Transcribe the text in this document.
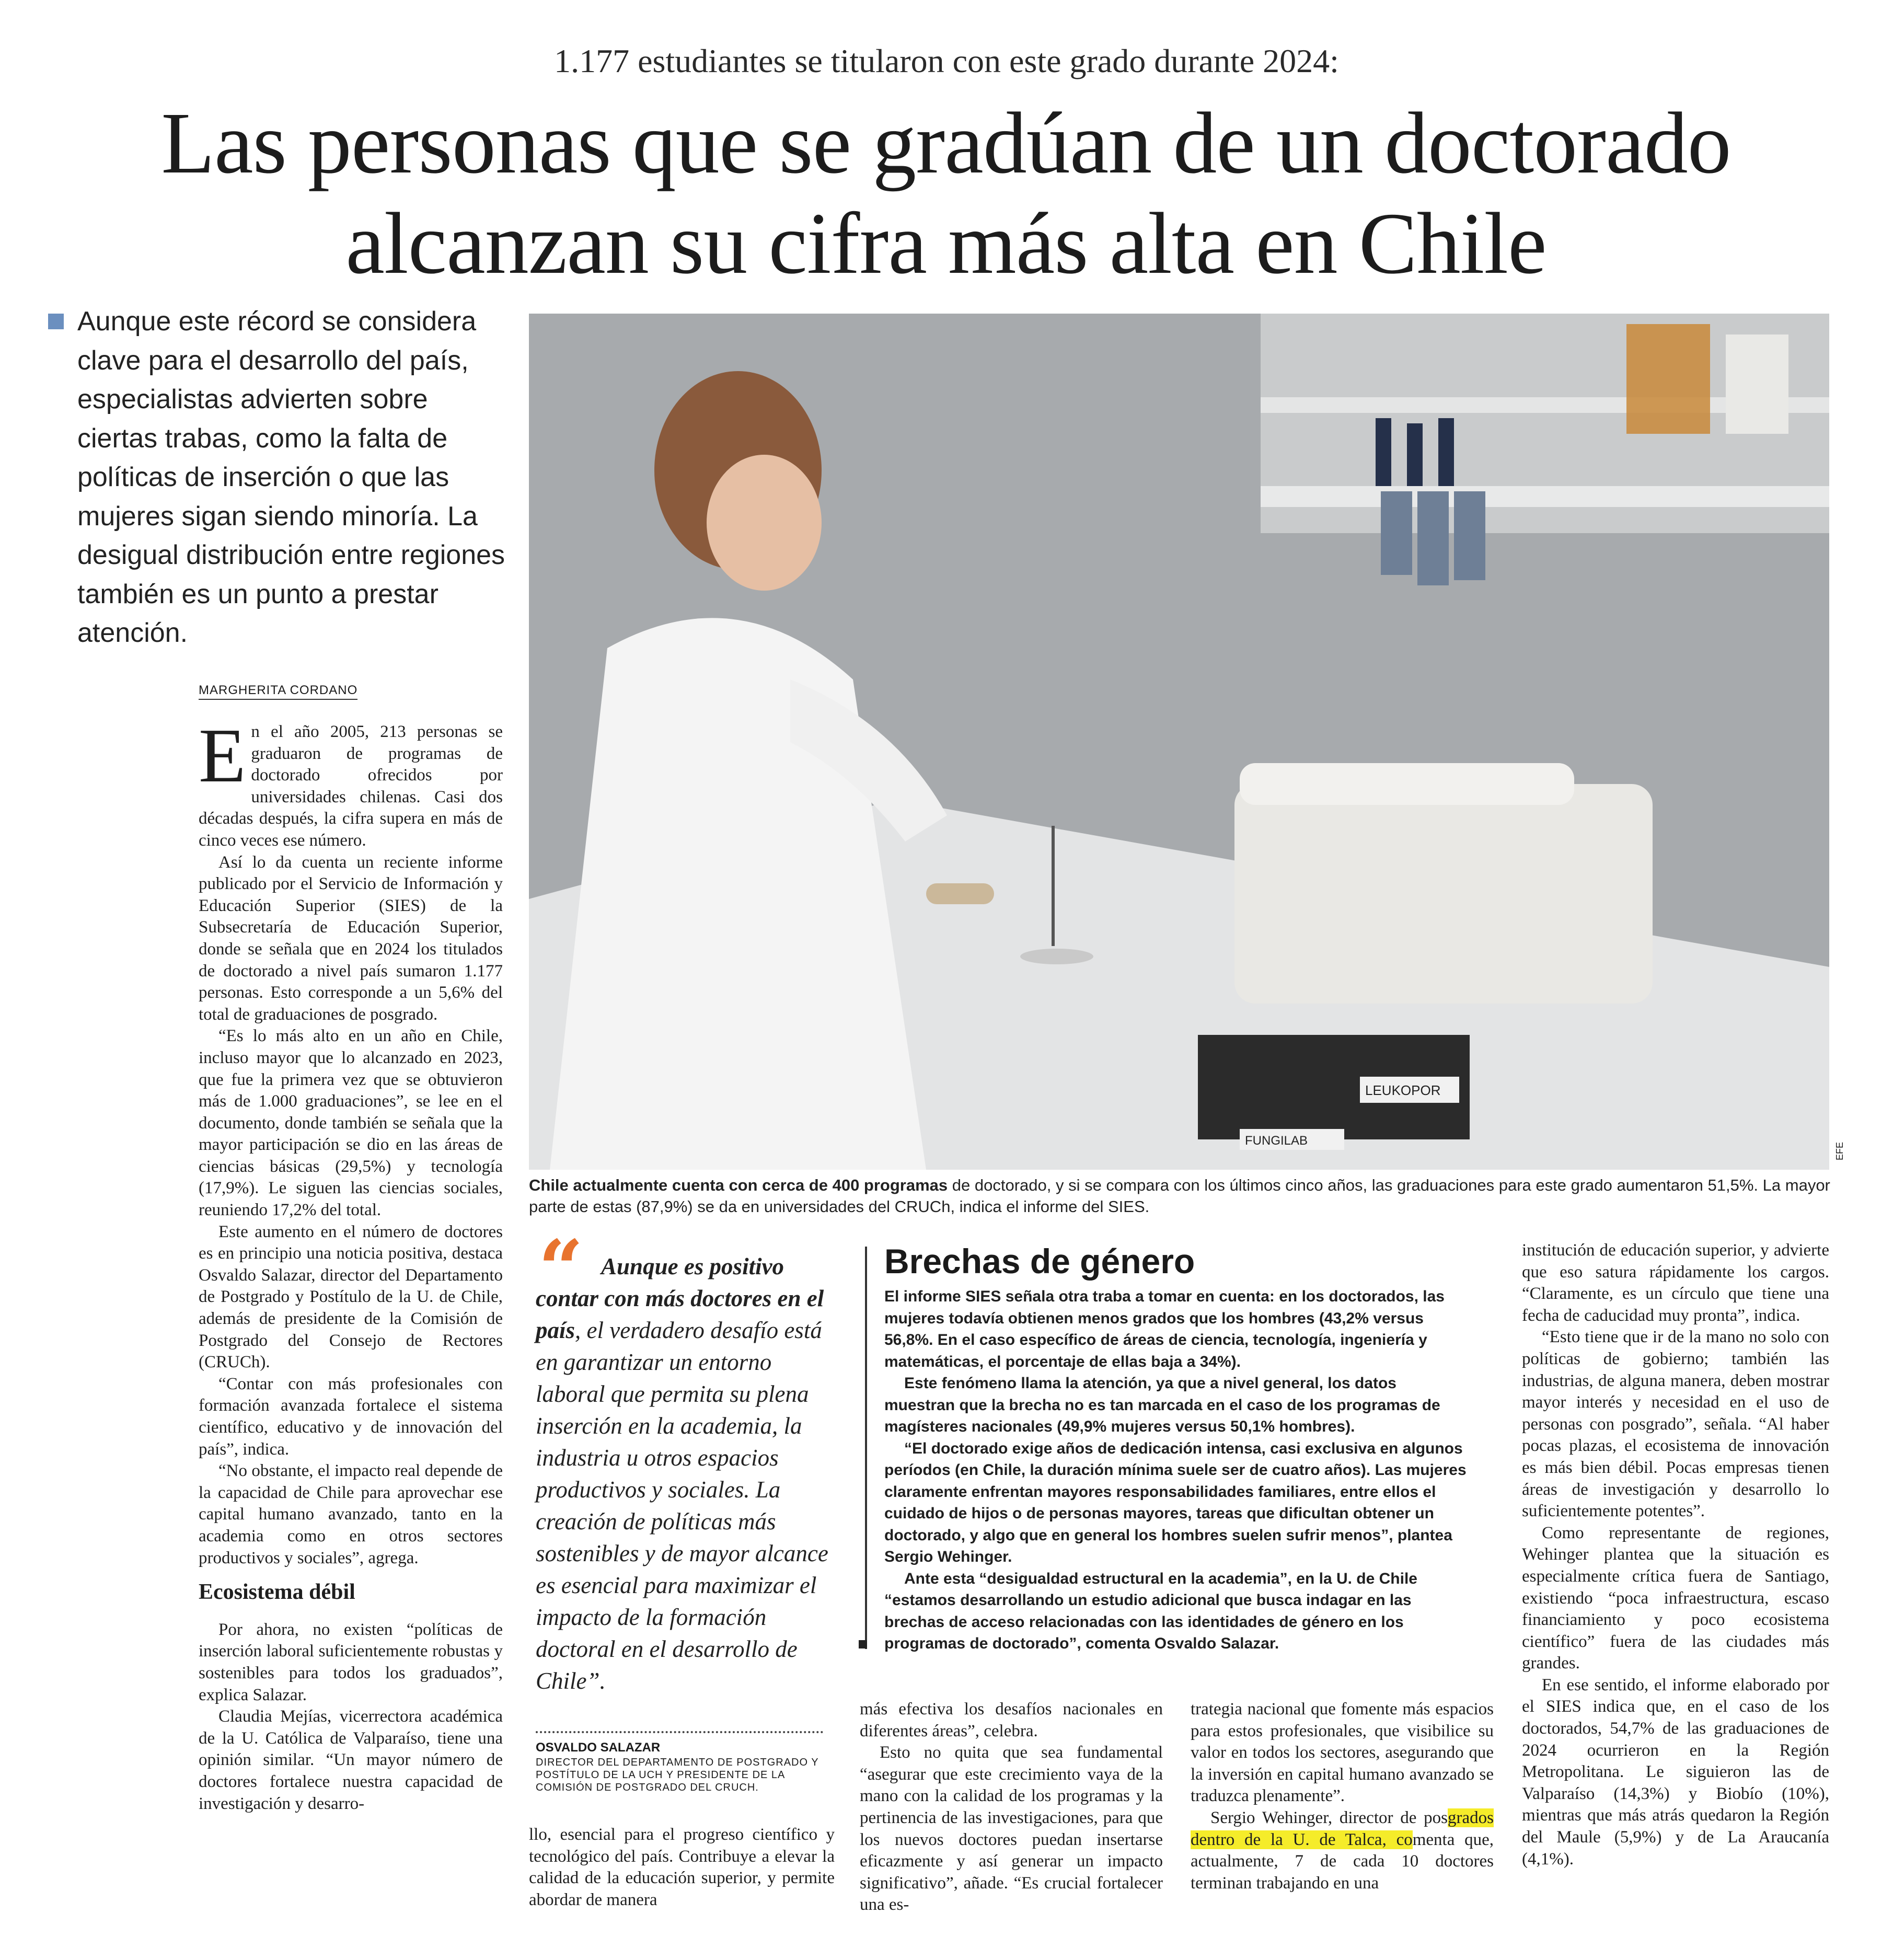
1.177 estudiantes se titularon con este grado durante 2024:
Las personas que se gradúan de un doctorado
alcanzan su cifra más alta en Chile
Aunque este récord se considera clave para el desarrollo del país, especialistas advierten sobre ciertas trabas, como la falta de políticas de inserción o que las mujeres sigan siendo minoría. La desigual distribución entre regiones también es un punto a prestar atención.
MARGHERITA CORDANO

En el año 2005, 213 personas se graduaron de programas de doctorado ofrecidos por universidades chilenas. Casi dos décadas después, la cifra supera en más de cinco veces ese número.

Así lo da cuenta un reciente informe publicado por el Servicio de Información y Educación Superior (SIES) de la Subsecretaría de Educación Superior, donde se señala que en 2024 los titulados de doctorado a nivel país sumaron 1.177 personas. Esto corresponde a un 5,6% del total de graduaciones de posgrado.

“Es lo más alto en un año en Chile, incluso mayor que lo alcanzado en 2023, que fue la primera vez que se obtuvieron más de 1.000 graduaciones”, se lee en el documento, donde también se señala que la mayor participación se dio en las áreas de ciencias básicas (29,5%) y tecnología (17,9%). Le siguen las ciencias sociales, reuniendo 17,2% del total.

Este aumento en el número de doctores es en principio una noticia positiva, destaca Osvaldo Salazar, director del Departamento de Postgrado y Postítulo de la U. de Chile, además de presidente de la Comisión de Postgrado del Consejo de Rectores (CRUCh).

“Contar con más profesionales con formación avanzada fortalece el sistema científico, educativo y de innovación del país”, indica.

“No obstante, el impacto real depende de la capacidad de Chile para aprovechar ese capital humano avanzado, tanto en la academia como en otros sectores productivos y sociales”, agrega.

Ecosistema débil

Por ahora, no existen “políticas de inserción laboral suficientemente robustas y sostenibles para todos los graduados”, explica Salazar.

Claudia Mejías, vicerrectora académica de la U. Católica de Valparaíso, tiene una opinión similar. “Un mayor número de doctores fortalece nuestra capacidad de investigación y desarro-

LEUKOPOR
FUNGILAB
EFE
Chile actualmente cuenta con cerca de 400 programas de doctorado, y si se compara con los últimos cinco años, las graduaciones para este grado aumentaron 51,5%. La mayor parte de estas (87,9%) se da en universidades del CRUCh, indica el informe del SIES.
“ Aunque es positivo contar con más doctores en el país, el verdadero desafío está en garantizar un entorno laboral que permita su plena inserción en la academia, la industria u otros espacios productivos y sociales. La creación de políticas más sostenibles y de mayor alcance es esencial para maximizar el impacto de la formación doctoral en el desarrollo de Chile”.
OSVALDO SALAZAR
DIRECTOR DEL DEPARTAMENTO DE POSTGRADO Y POSTÍTULO DE LA UCH Y PRESIDENTE DE LA COMISIÓN DE POSTGRADO DEL CRUCH.

llo, esencial para el progreso científico y tecnológico del país. Contribuye a elevar la calidad de la educación superior, y permite abordar de manera

Brechas de género

El informe SIES señala otra traba a tomar en cuenta: en los doctorados, las mujeres todavía obtienen menos grados que los hombres (43,2% versus 56,8%. En el caso específico de áreas de ciencia, tecnología, ingeniería y matemáticas, el porcentaje de ellas baja a 34%).

Este fenómeno llama la atención, ya que a nivel general, los datos muestran que la brecha no es tan marcada en el caso de los programas de magísteres nacionales (49,9% mujeres versus 50,1% hombres).

“El doctorado exige años de dedicación intensa, casi exclusiva en algunos períodos (en Chile, la duración mínima suele ser de cuatro años). Las mujeres claramente enfrentan mayores responsabilidades familiares, entre ellos el cuidado de hijos o de personas mayores, tareas que dificultan obtener un doctorado, y algo que en general los hombres suelen sufrir menos”, plantea Sergio Wehinger.

Ante esta “desigualdad estructural en la academia”, en la U. de Chile “estamos desarrollando un estudio adicional que busca indagar en las brechas de acceso relacionadas con las identidades de género en los programas de doctorado”, comenta Osvaldo Salazar.

más efectiva los desafíos nacionales en diferentes áreas”, celebra.

Esto no quita que sea fundamental “asegurar que este crecimiento vaya de la mano con la calidad de los programas y la pertinencia de las investigaciones, para que los nuevos doctores puedan insertarse eficazmente y así generar un impacto significativo”, añade. “Es crucial fortalecer una es-

trategia nacional que fomente más espacios para estos profesionales, que visibilice su valor en todos los sectores, asegurando que la inversión en capital humano avanzado se traduzca plenamente”.

Sergio Wehinger, director de posgrados dentro de la U. de Talca, comenta que, actualmente, 7 de cada 10 doctores terminan trabajando en una

institución de educación superior, y advierte que eso satura rápidamente los cargos. “Claramente, es un círculo que tiene una fecha de caducidad muy pronta”, indica.

“Esto tiene que ir de la mano no solo con políticas de gobierno; también las industrias, de alguna manera, deben mostrar mayor interés y necesidad en el uso de personas con posgrado”, señala. “Al haber pocas plazas, el ecosistema de innovación es más bien débil. Pocas empresas tienen áreas de investigación y desarrollo lo suficientemente potentes”.

Como representante de regiones, Wehinger plantea que la situación es especialmente crítica fuera de Santiago, existiendo “poca infraestructura, escaso financiamiento y poco ecosistema científico” fuera de las ciudades más grandes.

En ese sentido, el informe elaborado por el SIES indica que, en el caso de los doctorados, 54,7% de las graduaciones de 2024 ocurrieron en la Región Metropolitana. Le siguieron las de Valparaíso (14,3%) y Biobío (10%), mientras que más atrás quedaron la Región del Maule (5,9%) y de La Araucanía (4,1%).
